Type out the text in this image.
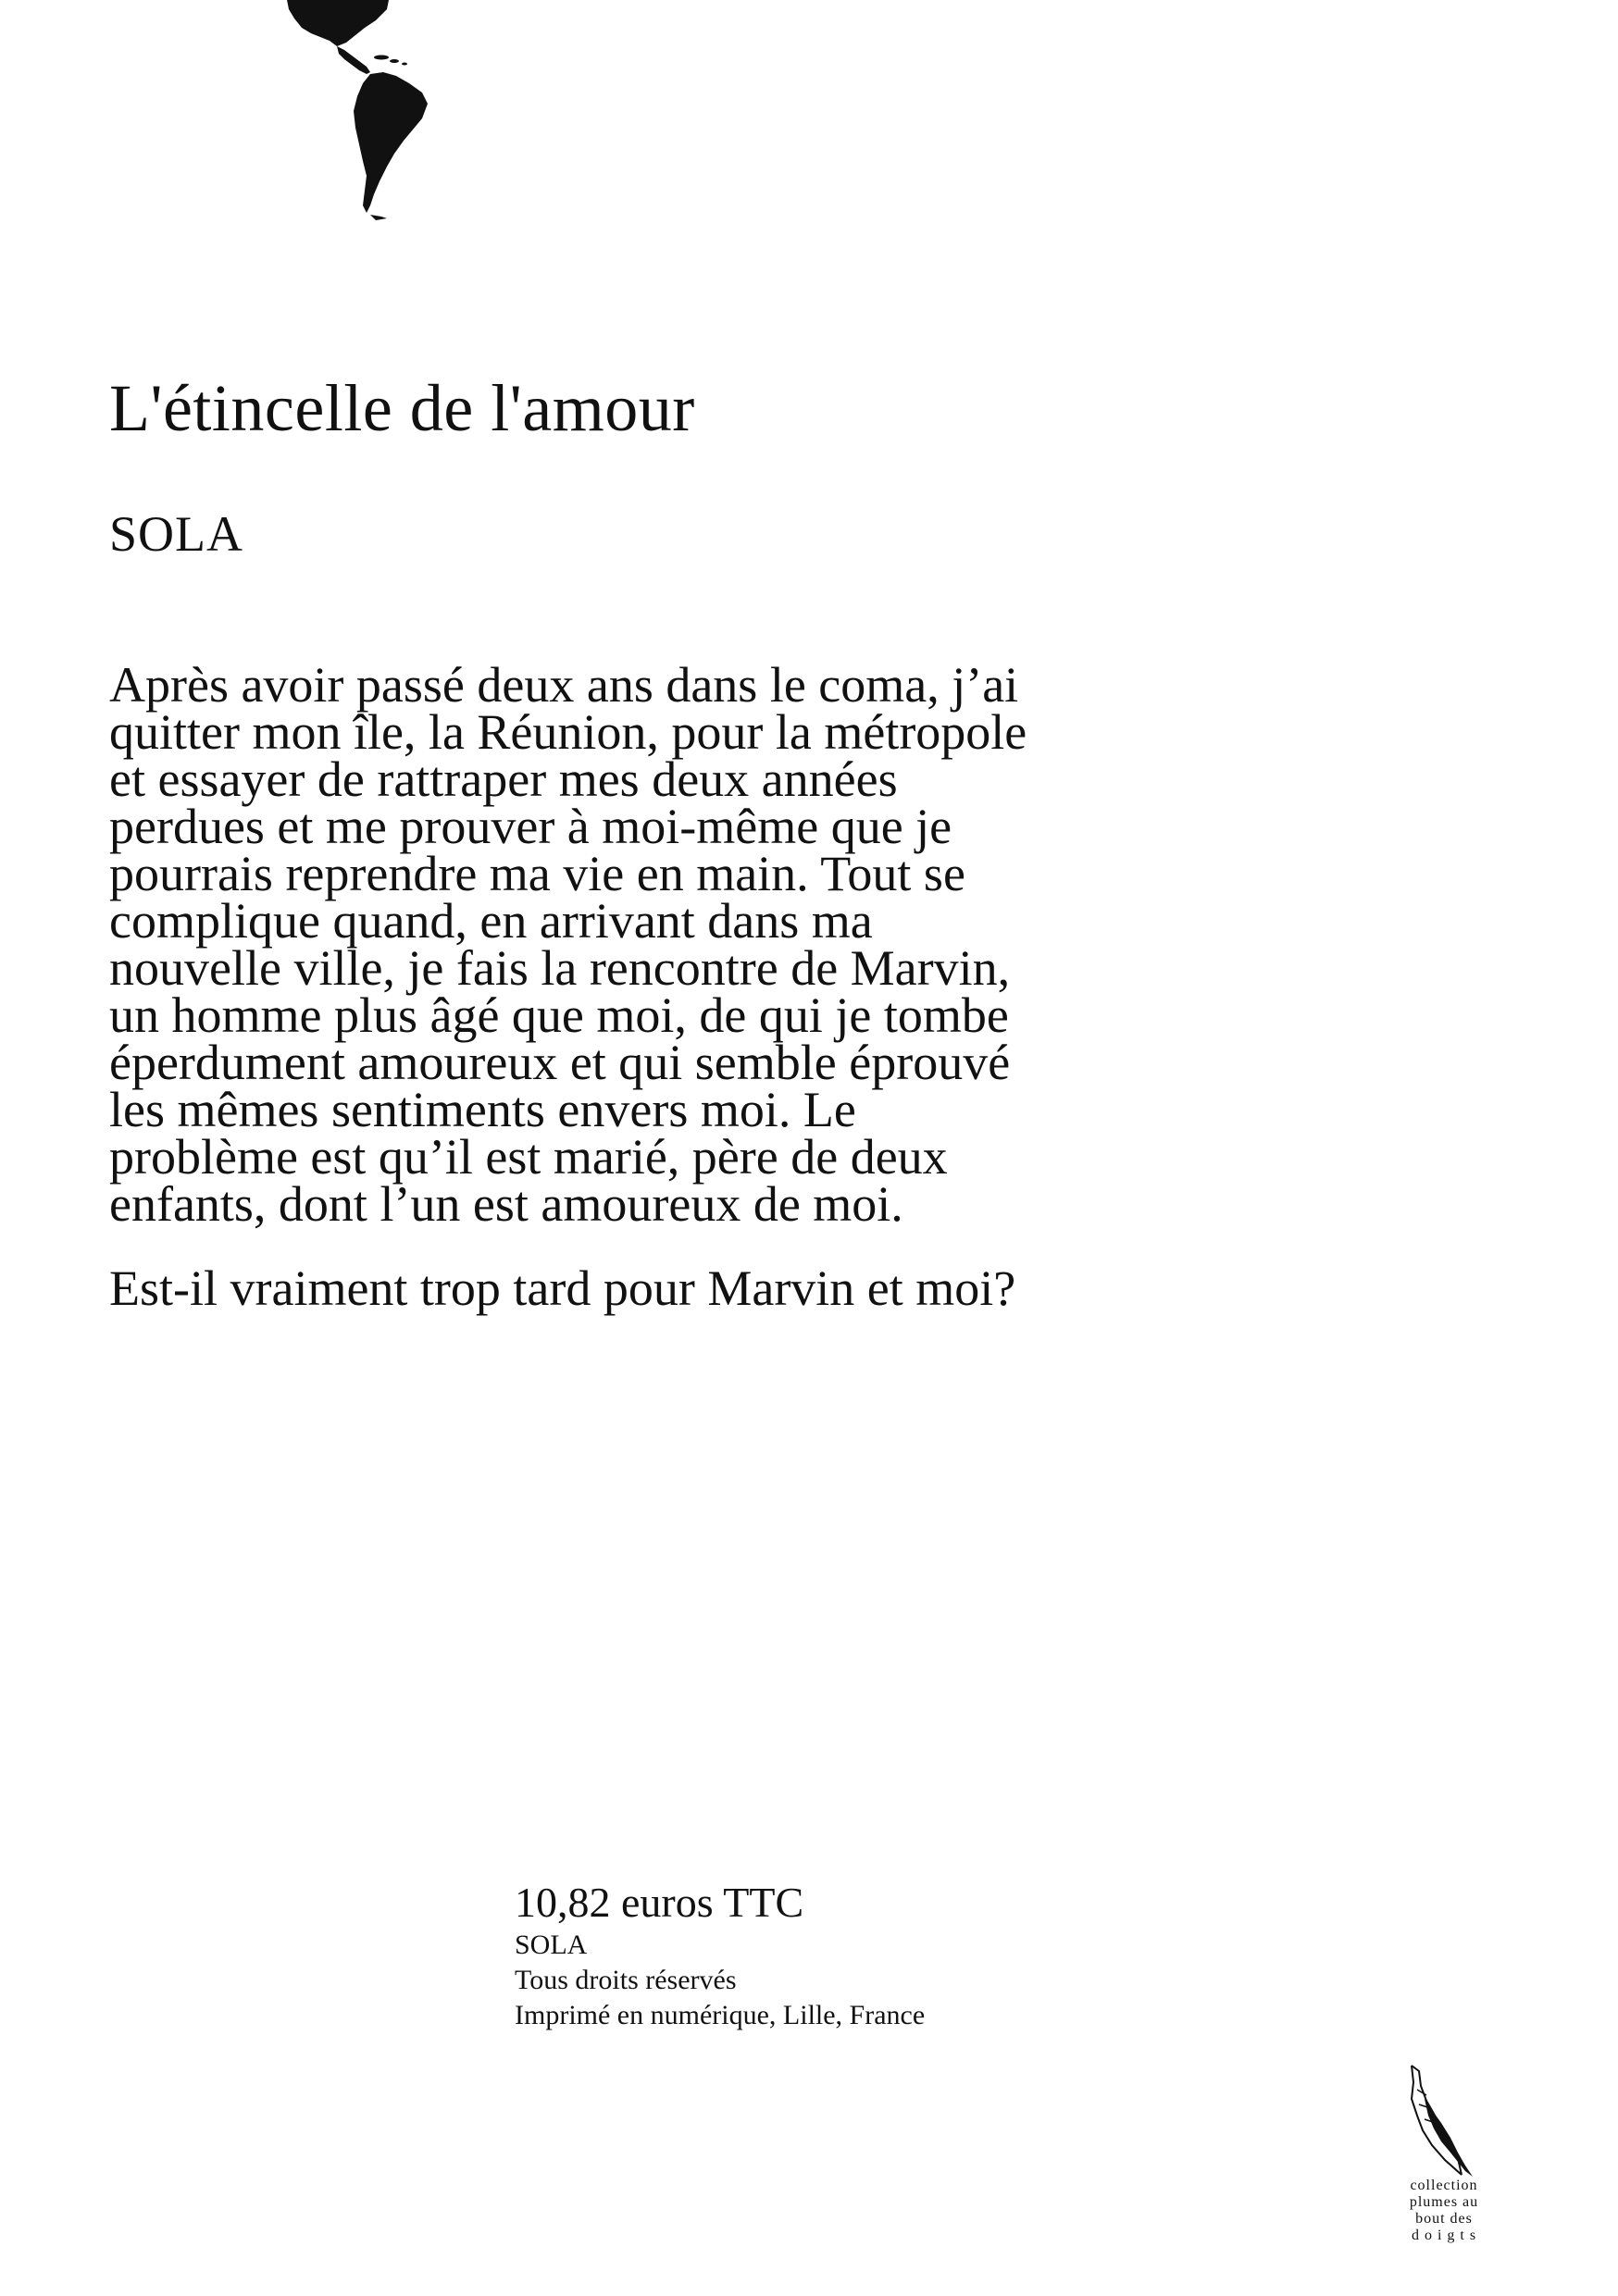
L'étincelle de l'amour

SOLA

Après avoir passé deux ans dans le coma, j’ai
quitter mon île, la Réunion, pour la métropole
et essayer de rattraper mes deux années
perdues et me prouver à moi-même que je
pourrais reprendre ma vie en main. Tout se
complique quand, en arrivant dans ma
nouvelle ville, je fais la rencontre de Marvin,
un homme plus âgé que moi, de qui je tombe
éperdument amoureux et qui semble éprouvé
les mêmes sentiments envers moi. Le
problème est qu’il est marié, père de deux
enfants, dont l’un est amoureux de moi.

Est-il vraiment trop tard pour Marvin et moi?

10,82 euros TTC

SOLA

Tous droits réservés

Imprimé en numérique, Lille, France

collection
plumes au
bout des
d o i g t s
